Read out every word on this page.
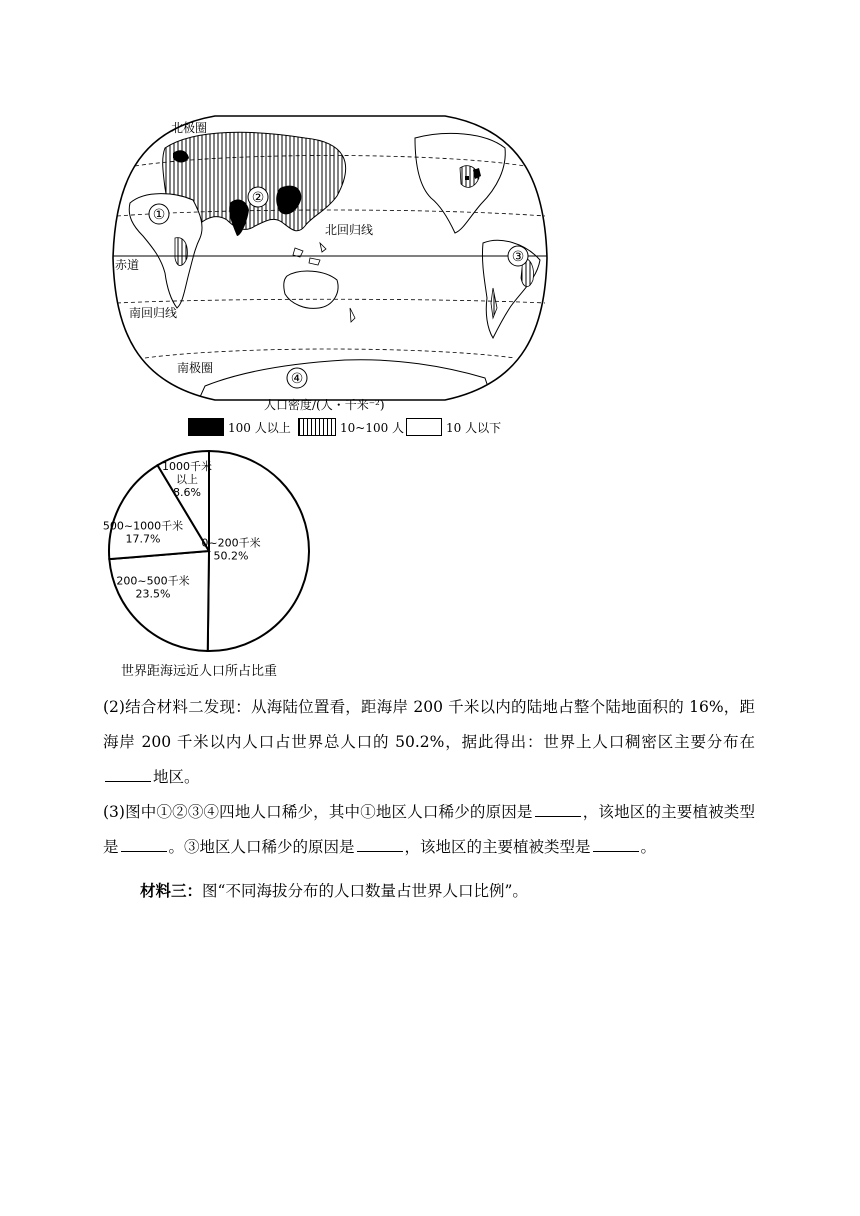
北极圈
北回归线
赤道
南回归线
南极圈
①
②
③
④
人口密度/(人・千米⁻²)
100 人以上	10~100 人	10 人以下
0~200千米 50.2%
200~500千米 23.5%
500~1000千米 17.7%
1000千米以上 8.6%
世界距海远近人口所占比重
(2)结合材料二发现：从海陆位置看，距海岸 200 千米以内的陆地占整个陆地面积的 16%，距海岸 200 千米以内人口占世界总人口的 50.2%，据此得出：世界上人口稠密区主要分布在地区。
(3)图中①②③④四地人口稀少，其中①地区人口稀少的原因是	，该地区的主要植被类型是	。③地区人口稀少的原因是	，该地区的主要植被类型是	。
材料三：图“不同海拔分布的人口数量占世界人口比例”。
